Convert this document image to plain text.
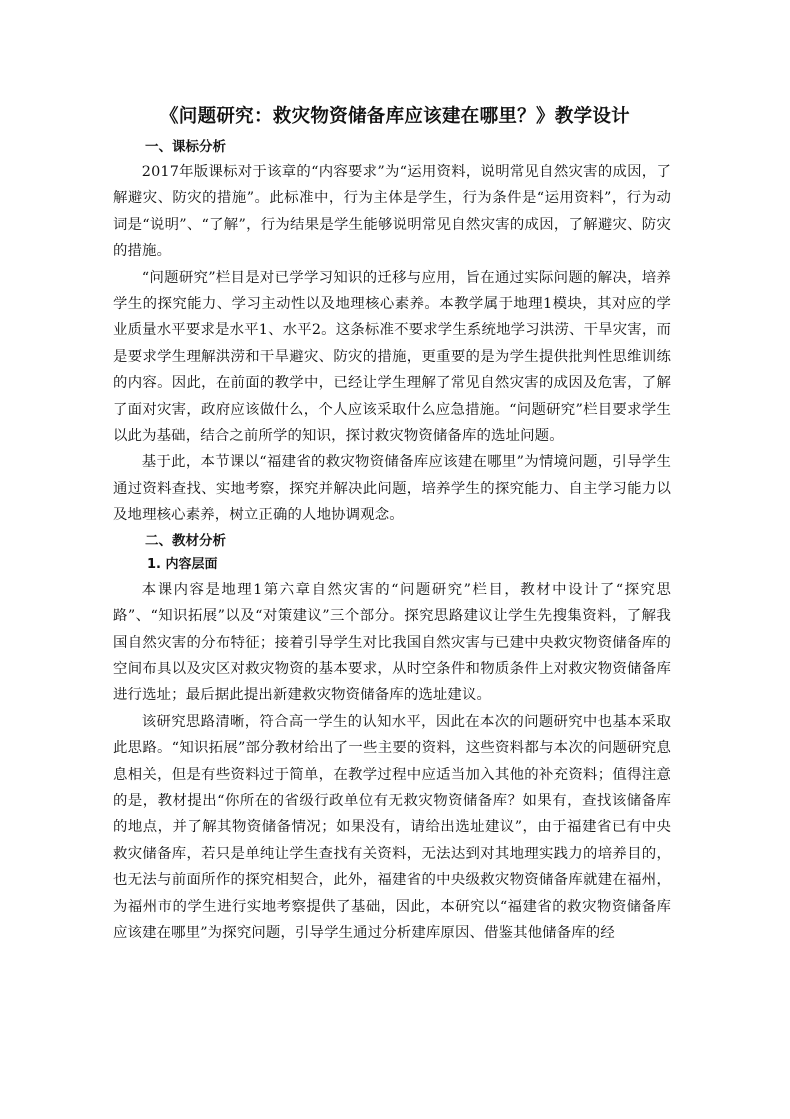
《问题研究：救灾物资储备库应该建在哪里？》教学设计

一、课标分析

2017年版课标对于该章的“内容要求”为“运用资料，说明常见自然灾害的成因，了解避灾、防灾的措施”。此标准中，行为主体是学生，行为条件是“运用资料”，行为动词是“说明”、“了解”，行为结果是学生能够说明常见自然灾害的成因，了解避灾、防灾的措施。

“问题研究”栏目是对已学学习知识的迁移与应用，旨在通过实际问题的解决，培养学生的探究能力、学习主动性以及地理核心素养。本教学属于地理1模块，其对应的学业质量水平要求是水平1、水平2。这条标准不要求学生系统地学习洪涝、干旱灾害，而是要求学生理解洪涝和干旱避灾、防灾的措施，更重要的是为学生提供批判性思维训练的内容。因此，在前面的教学中，已经让学生理解了常见自然灾害的成因及危害，了解了面对灾害，政府应该做什么，个人应该采取什么应急措施。“问题研究”栏目要求学生以此为基础，结合之前所学的知识，探讨救灾物资储备库的选址问题。

基于此，本节课以“福建省的救灾物资储备库应该建在哪里”为情境问题，引导学生通过资料查找、实地考察，探究并解决此问题，培养学生的探究能力、自主学习能力以及地理核心素养，树立正确的人地协调观念。

二、教材分析

1. 内容层面

本课内容是地理1第六章自然灾害的“问题研究”栏目，教材中设计了“探究思路”、“知识拓展”以及“对策建议”三个部分。探究思路建议让学生先搜集资料，了解我国自然灾害的分布特征；接着引导学生对比我国自然灾害与已建中央救灾物资储备库的空间布具以及灾区对救灾物资的基本要求，从时空条件和物质条件上对救灾物资储备库进行选址；最后据此提出新建救灾物资储备库的选址建议。

该研究思路清晰，符合高一学生的认知水平，因此在本次的问题研究中也基本采取此思路。“知识拓展”部分教材给出了一些主要的资料，这些资料都与本次的问题研究息息相关，但是有些资料过于简单，在教学过程中应适当加入其他的补充资料；值得注意的是，教材提出“你所在的省级行政单位有无救灾物资储备库？如果有，查找该储备库的地点，并了解其物资储备情况；如果没有，请给出选址建议”，由于福建省已有中央救灾储备库，若只是单纯让学生查找有关资料，无法达到对其地理实践力的培养目的，也无法与前面所作的探究相契合，此外，福建省的中央级救灾物资储备库就建在福州，为福州市的学生进行实地考察提供了基础，因此，本研究以“福建省的救灾物资储备库应该建在哪里”为探究问题，引导学生通过分析建库原因、借鉴其他储备库的经
